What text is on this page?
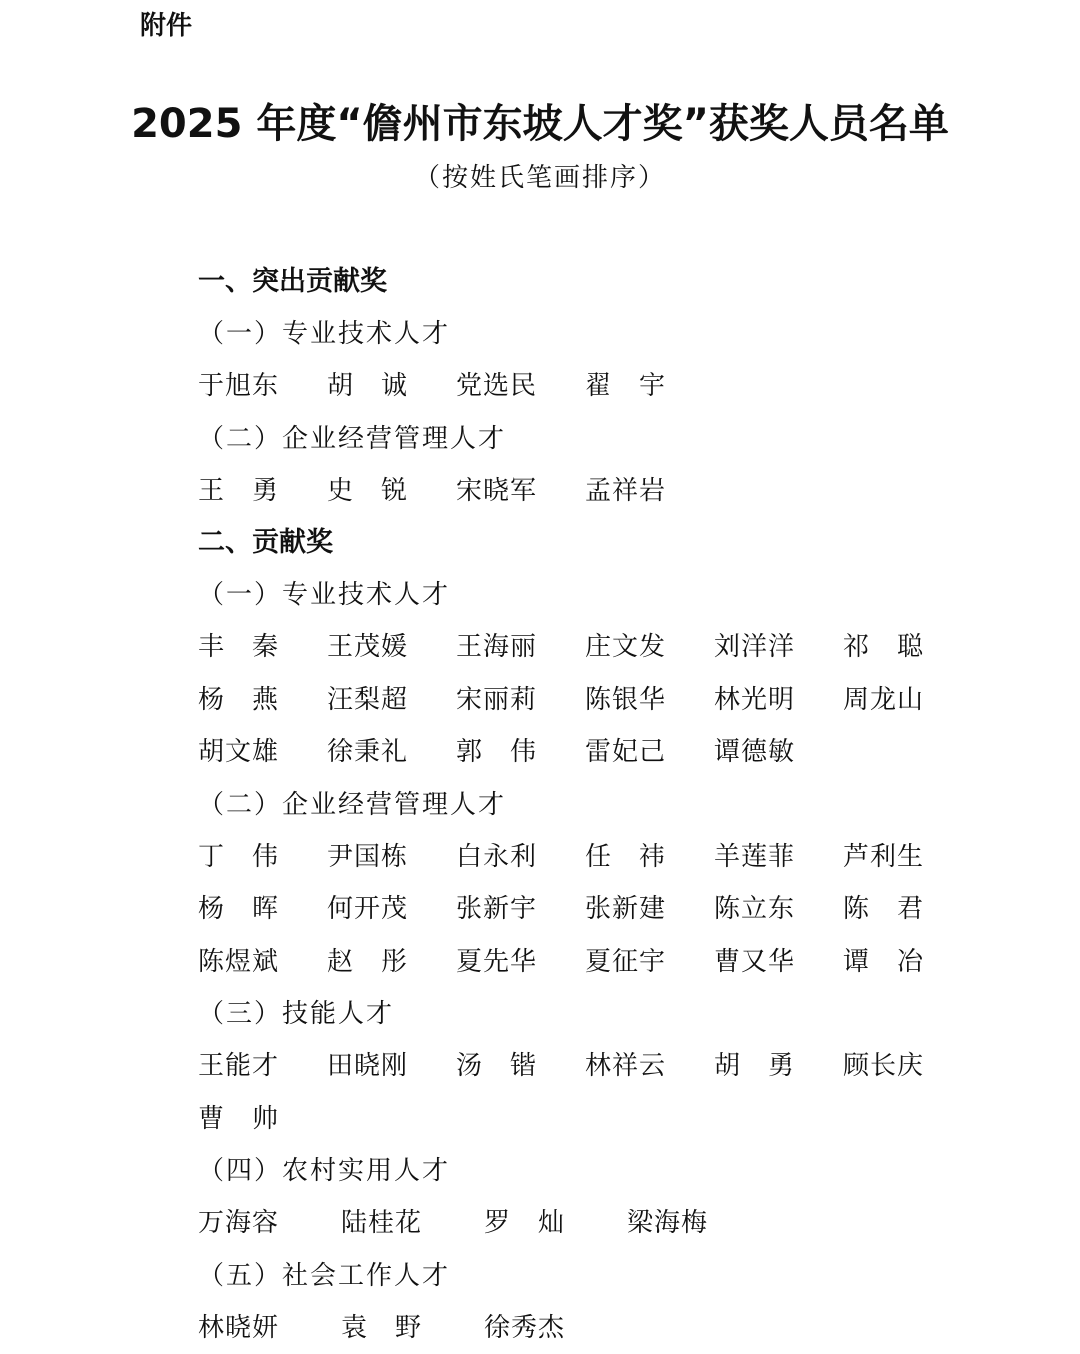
附件
2025 年度“儋州市东坡人才奖”获奖人员名单
（按姓氏笔画排序）
一、突出贡献奖
（一）专业技术人才
于旭东	胡　诚	党选民	翟　宇
（二）企业经营管理人才
王　勇	史　锐	宋晓军	孟祥岩
二、贡献奖
（一）专业技术人才
丰　秦	王茂媛	王海丽	庄文发	刘洋洋	祁　聪
杨　燕	汪梨超	宋丽莉	陈银华	林光明	周龙山
胡文雄	徐秉礼	郭　伟	雷妃己	谭德敏
（二）企业经营管理人才
丁　伟	尹国栋	白永利	任　祎	羊莲菲	芦利生
杨　晖	何开茂	张新宇	张新建	陈立东	陈　君
陈煜斌	赵　彤	夏先华	夏征宇	曹又华	谭　冶
（三）技能人才
王能才	田晓刚	汤　锴	林祥云	胡　勇	顾长庆
曹　帅
（四）农村实用人才
万海容	陆桂花	罗　灿	梁海梅
（五）社会工作人才
林晓妍	袁　野	徐秀杰
